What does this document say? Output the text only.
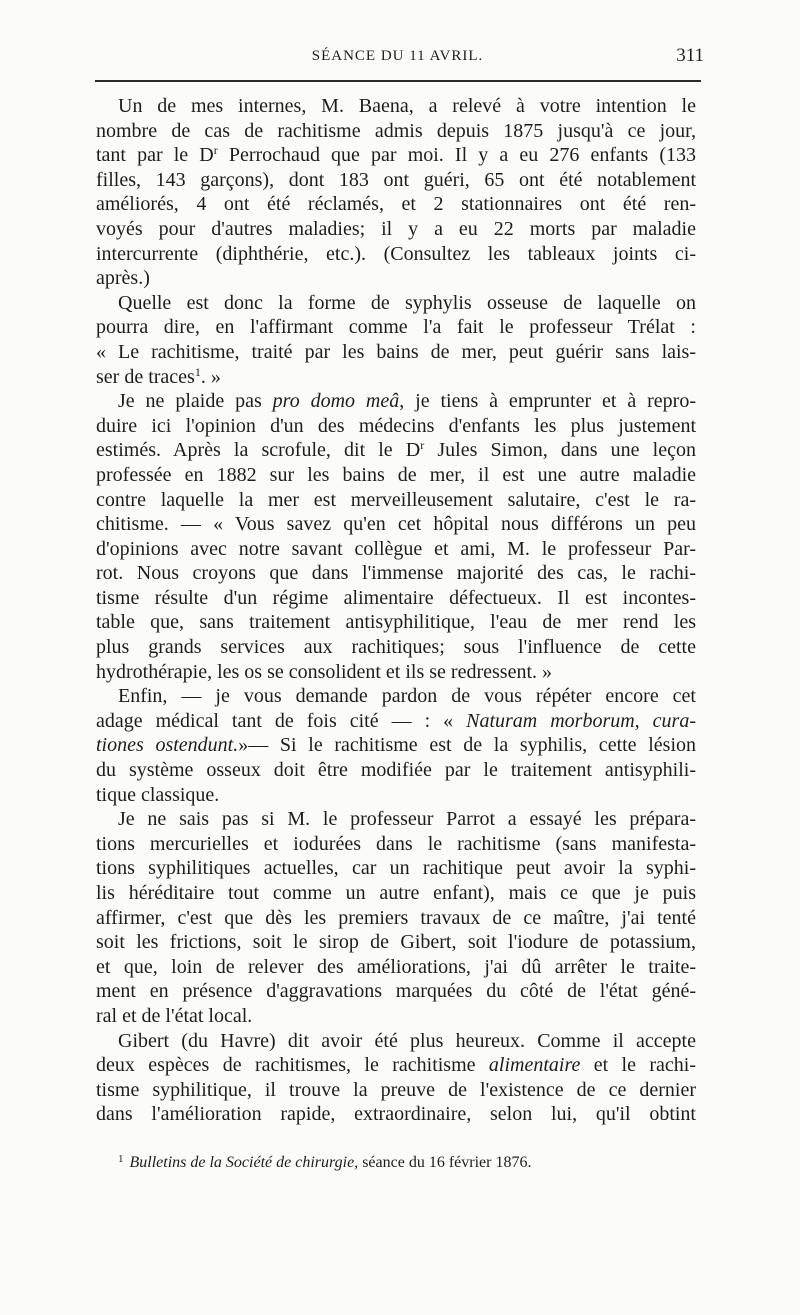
SÉANCE DU 11 AVRIL.	311
Un de mes internes, M. Baena, a relevé à votre intention le
nombre de cas de rachitisme admis depuis 1875 jusqu'à ce jour,
tant par le $D^r$ Perrochaud que par moi. Il y a eu 276 enfants (133
filles, 143 garçons), dont 183 ont guéri, 65 ont été notablement
améliorés, 4 ont été réclamés, et 2 stationnaires ont été ren-
voyés pour d'autres maladies; il y a eu 22 morts par maladie
intercurrente (diphthérie, etc.). (Consultez les tableaux joints ci-
après.)
Quelle est donc la forme de syphylis osseuse de laquelle on
pourra dire, en l'affirmant comme l'a fait le professeur Trélat :
« Le rachitisme, traité par les bains de mer, peut guérir sans lais-
ser de traces$^1$. »
Je ne plaide pas pro domo meâ, je tiens à emprunter et à repro-
duire ici l'opinion d'un des médecins d'enfants les plus justement
estimés. Après la scrofule, dit le $D^r$ Jules Simon, dans une leçon
professée en 1882 sur les bains de mer, il est une autre maladie
contre laquelle la mer est merveilleusement salutaire, c'est le ra-
chitisme. — « Vous savez qu'en cet hôpital nous différons un peu
d'opinions avec notre savant collègue et ami, M. le professeur Par-
rot. Nous croyons que dans l'immense majorité des cas, le rachi-
tisme résulte d'un régime alimentaire défectueux. Il est incontes-
table que, sans traitement antisyphilitique, l'eau de mer rend les
plus grands services aux rachitiques; sous l'influence de cette
hydrothérapie, les os se consolident et ils se redressent. »
Enfin, — je vous demande pardon de vous répéter encore cet
adage médical tant de fois cité — : « Naturam morborum, cura-
tiones ostendunt.»— Si le rachitisme est de la syphilis, cette lésion
du système osseux doit être modifiée par le traitement antisyphili-
tique classique.
Je ne sais pas si M. le professeur Parrot a essayé les prépara-
tions mercurielles et iodurées dans le rachitisme (sans manifesta-
tions syphilitiques actuelles, car un rachitique peut avoir la syphi-
lis héréditaire tout comme un autre enfant), mais ce que je puis
affirmer, c'est que dès les premiers travaux de ce maître, j'ai tenté
soit les frictions, soit le sirop de Gibert, soit l'iodure de potassium,
et que, loin de relever des améliorations, j'ai dû arrêter le traite-
ment en présence d'aggravations marquées du côté de l'état géné-
ral et de l'état local.
Gibert (du Havre) dit avoir été plus heureux. Comme il accepte
deux espèces de rachitismes, le rachitisme alimentaire et le rachi-
tisme syphilitique, il trouve la preuve de l'existence de ce dernier
dans l'amélioration rapide, extraordinaire, selon lui, qu'il obtint
$^1$ Bulletins de la Société de chirurgie, séance du 16 février 1876.
